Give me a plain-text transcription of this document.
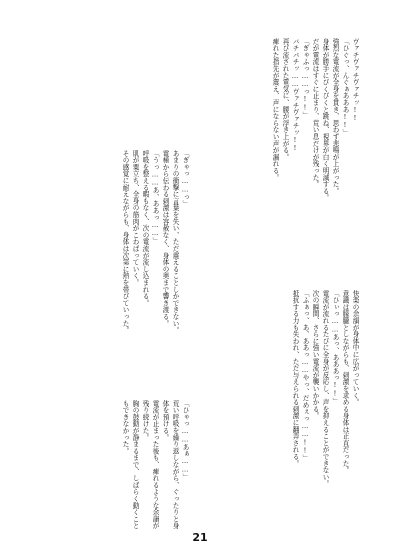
ヴァチヴァチヴァチッ!!
「ひぐっ、んぐぁあああ!!」
強烈な電流が全身を貫き、思わず悲鳴が上がった。
身体が勝手にびくびくと跳ね、視界が白く明滅する。
だが電流はすぐに止まり、荒い息だけが残った。
「ぎゃふっ……っ!!」
バチバチッ……ヴァチヴァチッ!!
再び流された電気に、腰が浮き上がる。
痺れた指先が震え、声にならない声が漏れる。
快楽の余韻が身体中に広がっていく。
意識は朦朧としながらも、刺激を求める身体は正直だった。
「ひぃっ……あっ、あああっ!!」
電流が流れるたびに全身が反応し、声を抑えることができない。
次の瞬間、さらに強い電流が襲いかかる。
「ふぁっ、あ、ああっ……やっ、だめぇっ……!!」
抵抗する力も失われ、ただ与えられる刺激に翻弄される。
「ぎゃっ……っ」
あまりの衝撃に言葉を失い、ただ震えることしかできない。
電極から伝わる刺激は容赦なく、身体の奥まで響き渡る。
「うっ……あ、ああっ……」
呼吸を整える暇もなく、次の電流が流し込まれる。
肌が粟立ち、全身の筋肉がこわばっていく。
その感覚に耐えながらも、身体は次第に熱を帯びていった。
「ひゃっ……あぁ……」
荒い呼吸を繰り返しながら、ぐったりと身体を預ける。
電流が止まった後も、痺れるような余韻が残り続けた。
胸の鼓動が静まるまで、しばらく動くこともできなかった。
21
